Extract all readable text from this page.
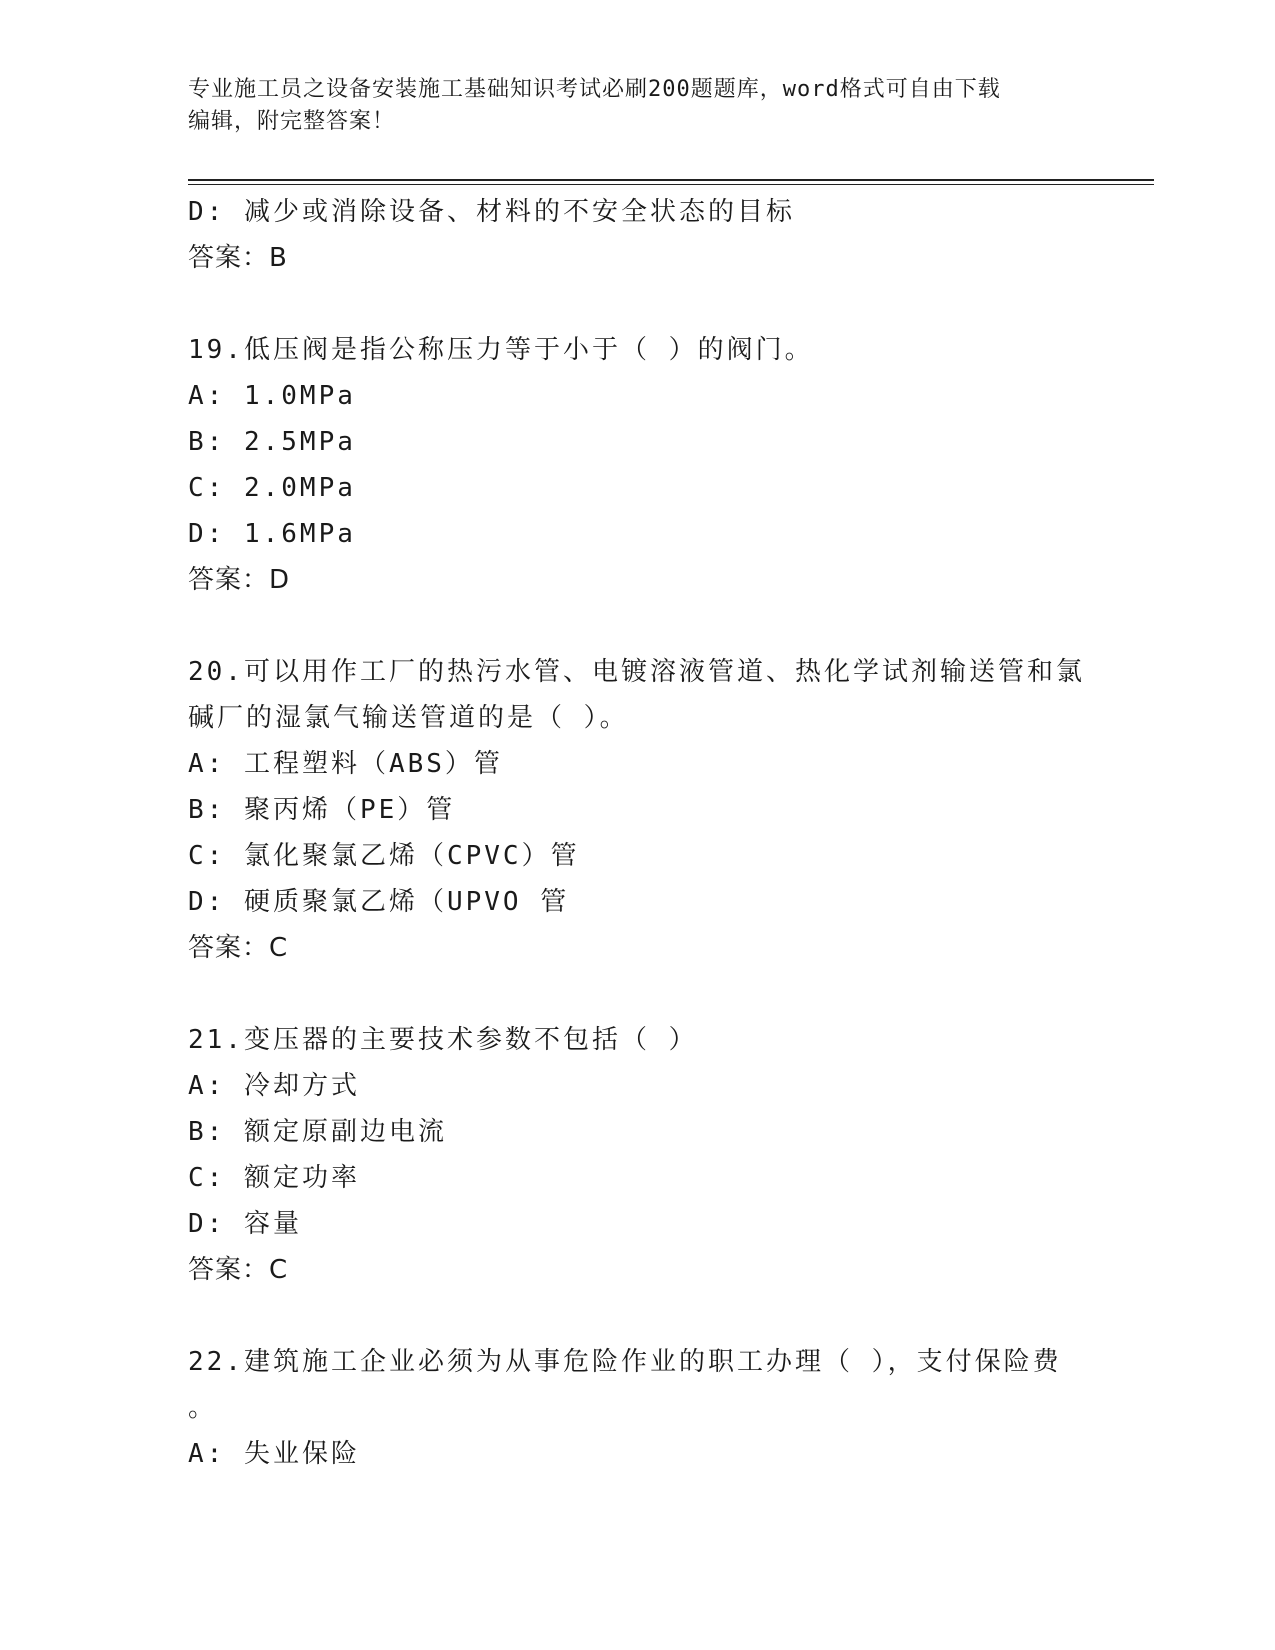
专业施工员之设备安装施工基础知识考试必刷200题题库，word格式可自由下载
编辑，附完整答案！
D: 减少或消除设备、材料的不安全状态的目标
答案：B
19.低压阀是指公称压力等于小于（ ）的阀门。
A: 1.0MPa
B: 2.5MPa
C: 2.0MPa
D: 1.6MPa
答案：D
20.可以用作工厂的热污水管、电镀溶液管道、热化学试剂输送管和氯
碱厂的湿氯气输送管道的是（ ）。
A: 工程塑料（ABS）管
B: 聚丙烯（PE）管
C: 氯化聚氯乙烯（CPVC）管
D: 硬质聚氯乙烯（UPVO 管
答案：C
21.变压器的主要技术参数不包括（ ）
A: 冷却方式
B: 额定原副边电流
C: 额定功率
D: 容量
答案：C
22.建筑施工企业必须为从事危险作业的职工办理（ ），支付保险费
。
A: 失业保险
